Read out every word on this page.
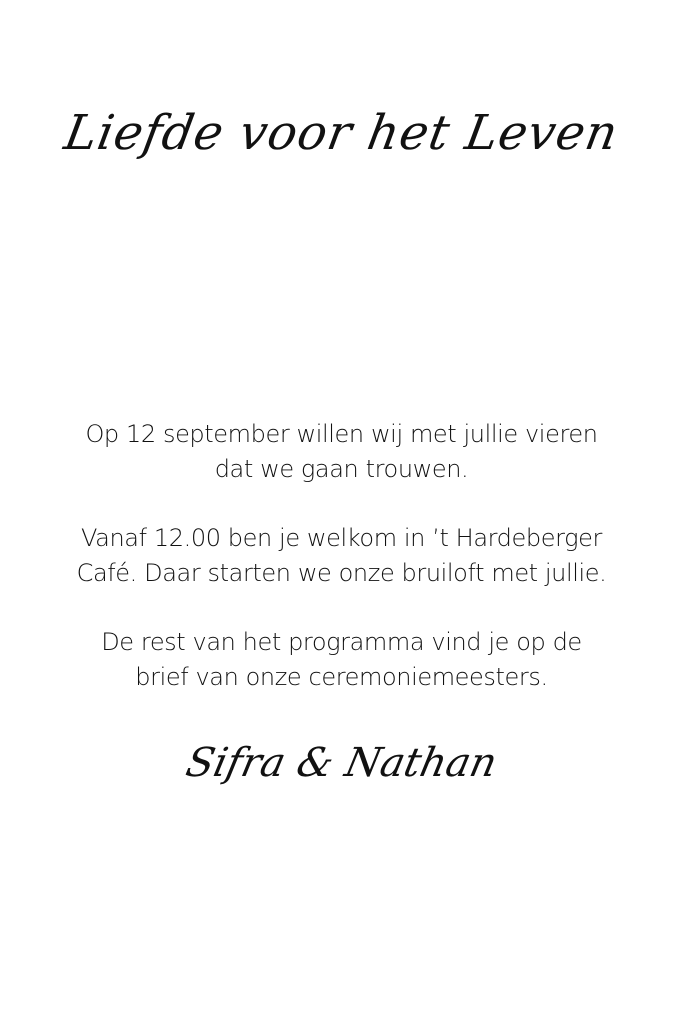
Liefde voor het Leven

Op 12 september willen wij met jullie vieren
dat we gaan trouwen.

Vanaf 12.00 ben je welkom in ’t Hardeberger
Café. Daar starten we onze bruiloft met jullie.

De rest van het programma vind je op de
brief van onze ceremoniemeesters.

Sifra & Nathan
